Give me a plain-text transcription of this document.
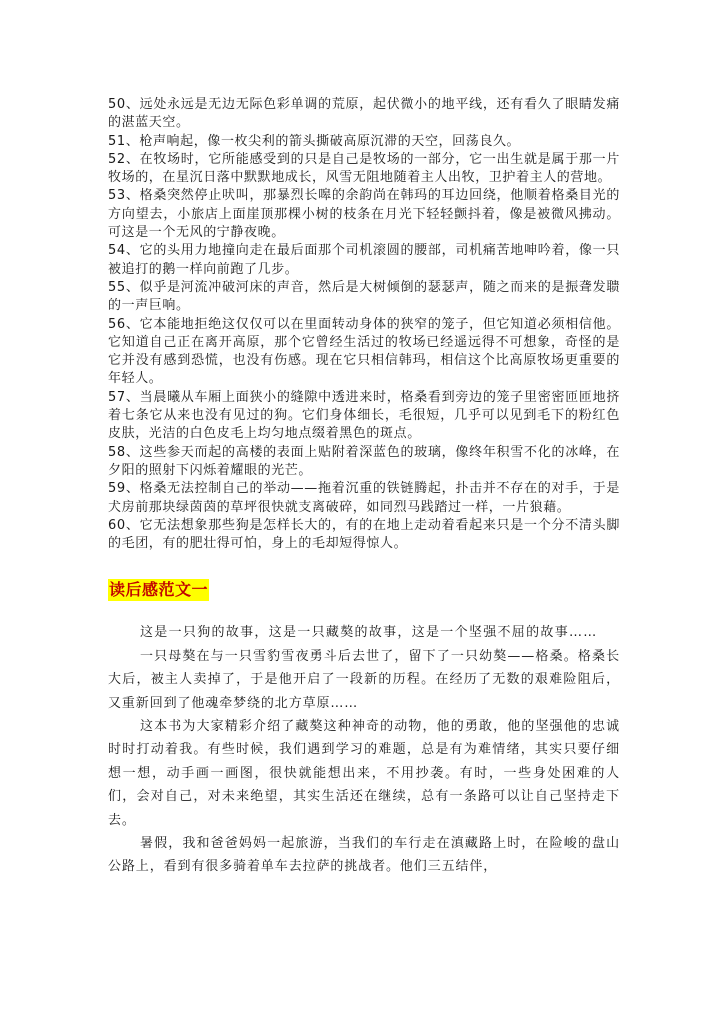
50、远处永远是无边无际色彩单调的荒原，起伏微小的地平线，还有看久了眼睛发痛的湛蓝天空。

51、枪声响起，像一枚尖利的箭头撕破高原沉滞的天空，回荡良久。

52、在牧场时，它所能感受到的只是自己是牧场的一部分，它一出生就是属于那一片牧场的，在星沉日落中默默地成长，风雪无阻地随着主人出牧，卫护着主人的营地。

53、格桑突然停止吠叫，那暴烈长嗥的余韵尚在韩玛的耳边回绕，他顺着格桑目光的方向望去，小旅店上面崖顶那棵小树的枝条在月光下轻轻颤抖着，像是被微风拂动。可这是一个无风的宁静夜晚。

54、它的头用力地撞向走在最后面那个司机滚圆的腰部，司机痛苦地呻吟着，像一只被追打的鹅一样向前跑了几步。

55、似乎是河流冲破河床的声音，然后是大树倾倒的瑟瑟声，随之而来的是振聋发聩的一声巨响。

56、它本能地拒绝这仅仅可以在里面转动身体的狭窄的笼子，但它知道必须相信他。它知道自己正在离开高原，那个它曾经生活过的牧场已经遥远得不可想象，奇怪的是它并没有感到恐慌，也没有伤感。现在它只相信韩玛，相信这个比高原牧场更重要的年轻人。

57、当晨曦从车厢上面狭小的缝隙中透进来时，格桑看到旁边的笼子里密密匝匝地挤着七条它从来也没有见过的狗。它们身体细长，毛很短，几乎可以见到毛下的粉红色皮肤，光洁的白色皮毛上均匀地点缀着黑色的斑点。

58、这些参天而起的高楼的表面上贴附着深蓝色的玻璃，像终年积雪不化的冰峰，在夕阳的照射下闪烁着耀眼的光芒。

59、格桑无法控制自己的举动——拖着沉重的铁链腾起，扑击并不存在的对手，于是犬房前那块绿茵茵的草坪很快就支离破碎，如同烈马践踏过一样，一片狼藉。

60、它无法想象那些狗是怎样长大的，有的在地上走动着看起来只是一个分不清头脚的毛团，有的肥壮得可怕，身上的毛却短得惊人。

读后感范文一

这是一只狗的故事，这是一只藏獒的故事，这是一个坚强不屈的故事……

一只母獒在与一只雪豹雪夜勇斗后去世了，留下了一只幼獒——格桑。格桑长大后，被主人卖掉了，于是他开启了一段新的历程。在经历了无数的艰难险阻后，又重新回到了他魂牵梦绕的北方草原……

这本书为大家精彩介绍了藏獒这种神奇的动物，他的勇敢，他的坚强他的忠诚时时打动着我。有些时候，我们遇到学习的难题，总是有为难情绪，其实只要仔细想一想，动手画一画图，很快就能想出来，不用抄袭。有时，一些身处困难的人们，会对自己，对未来绝望，其实生活还在继续，总有一条路可以让自己坚持走下去。

暑假，我和爸爸妈妈一起旅游，当我们的车行走在滇藏路上时，在险峻的盘山公路上，看到有很多骑着单车去拉萨的挑战者。他们三五结伴，
